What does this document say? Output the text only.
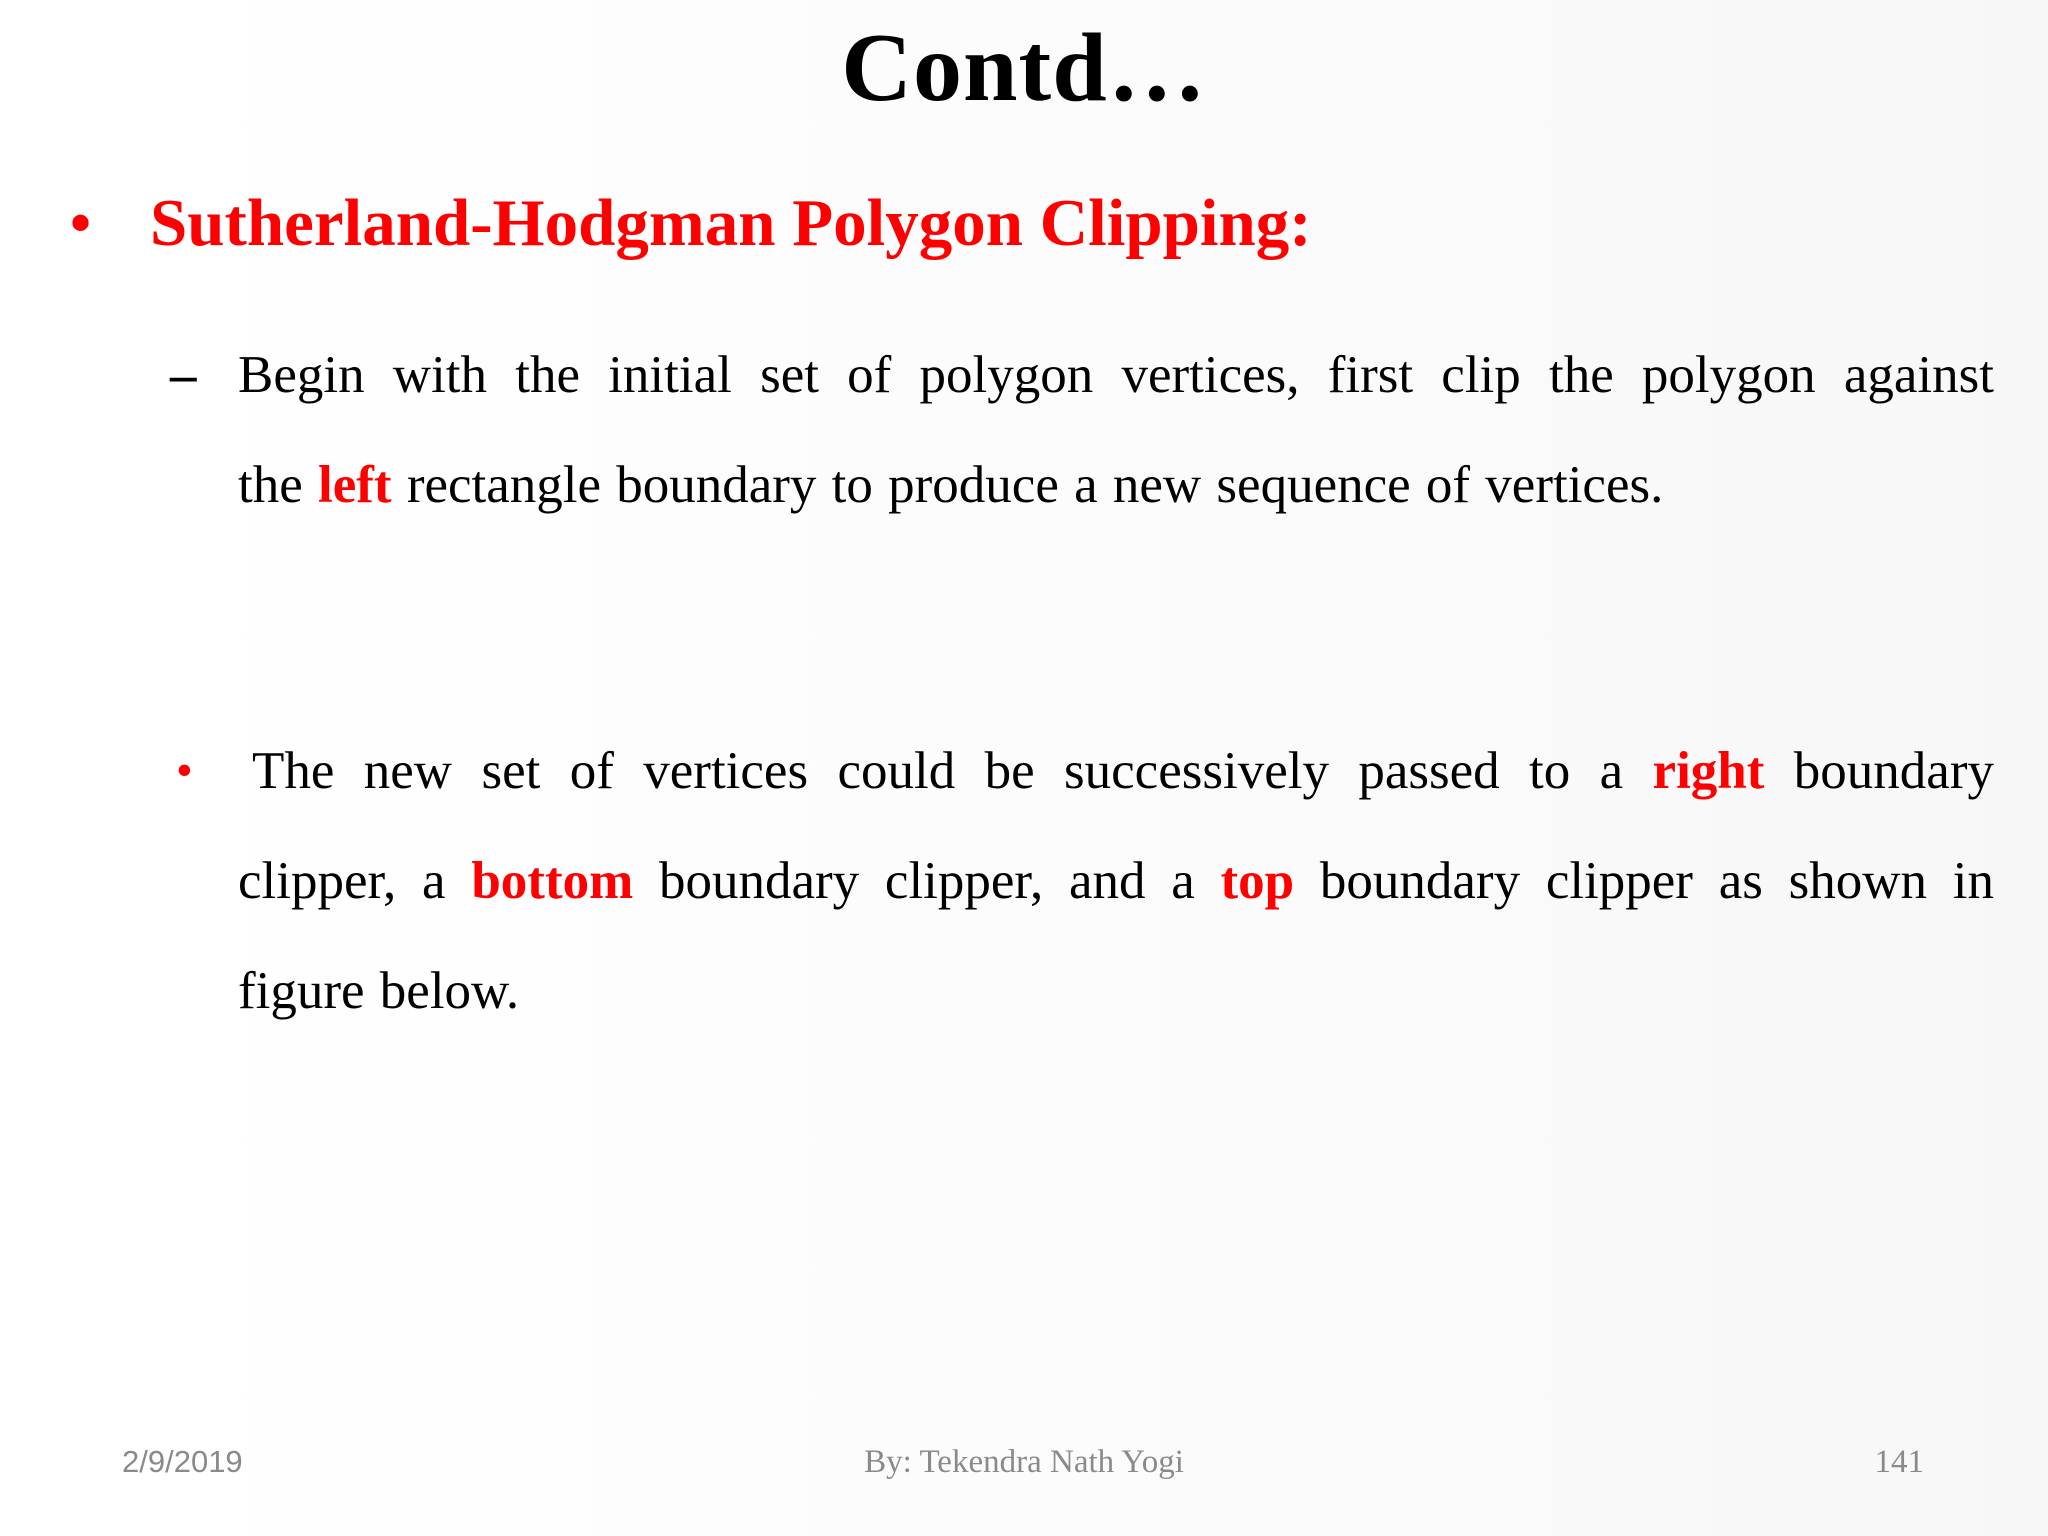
Contd…
• Sutherland-Hodgman Polygon Clipping:
– Begin with the initial set of polygon vertices, first clip the polygon against
the left rectangle boundary to produce a new sequence of vertices.
• The new set of vertices could be successively passed to a right boundary
clipper, a bottom boundary clipper, and a top boundary clipper as shown in
figure below.
2/9/2019	By: Tekendra Nath Yogi	141
